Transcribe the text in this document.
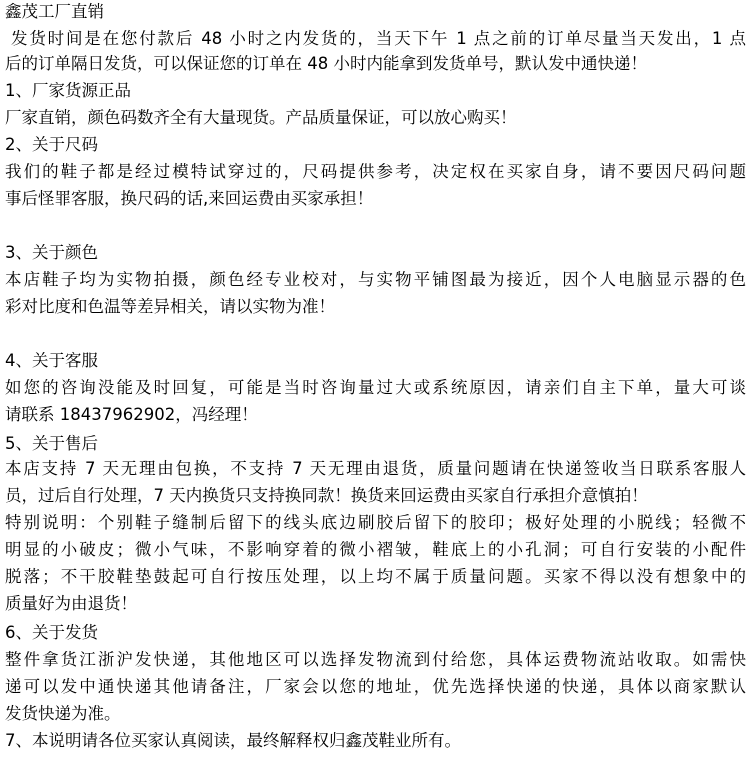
鑫茂工厂直销
发货时间是在您付款后 48 小时之内发货的，当天下午 1 点之前的订单尽量当天发出，1 点
后的订单隔日发货，可以保证您的订单在 48 小时内能拿到发货单号，默认发中通快递！
1、厂家货源正品
厂家直销，颜色码数齐全有大量现货。产品质量保证，可以放心购买！
2、关于尺码
我们的鞋子都是经过模特试穿过的，尺码提供参考，决定权在买家自身，请不要因尺码问题
事后怪罪客服，换尺码的话,来回运费由买家承担！
3、关于颜色
本店鞋子均为实物拍摄，颜色经专业校对，与实物平铺图最为接近，因个人电脑显示器的色
彩对比度和色温等差异相关，请以实物为准！
4、关于客服
如您的咨询没能及时回复，可能是当时咨询量过大或系统原因，请亲们自主下单，量大可谈
请联系 18437962902，冯经理！
5、关于售后
本店支持 7 天无理由包换，不支持 7 天无理由退货，质量问题请在快递签收当日联系客服人
员，过后自行处理，7 天内换货只支持换同款！换货来回运费由买家自行承担介意慎拍！
特别说明：个别鞋子缝制后留下的线头底边刷胶后留下的胶印；极好处理的小脱线；轻微不
明显的小破皮；微小气味，不影响穿着的微小褶皱，鞋底上的小孔洞；可自行安装的小配件
脱落；不干胶鞋垫鼓起可自行按压处理，以上均不属于质量问题。买家不得以没有想象中的
质量好为由退货！
6、关于发货
整件拿货江浙沪发快递，其他地区可以选择发物流到付给您，具体运费物流站收取。如需快
递可以发中通快递其他请备注，厂家会以您的地址，优先选择快递的快递，具体以商家默认
发货快递为准。
7、本说明请各位买家认真阅读，最终解释权归鑫茂鞋业所有。
